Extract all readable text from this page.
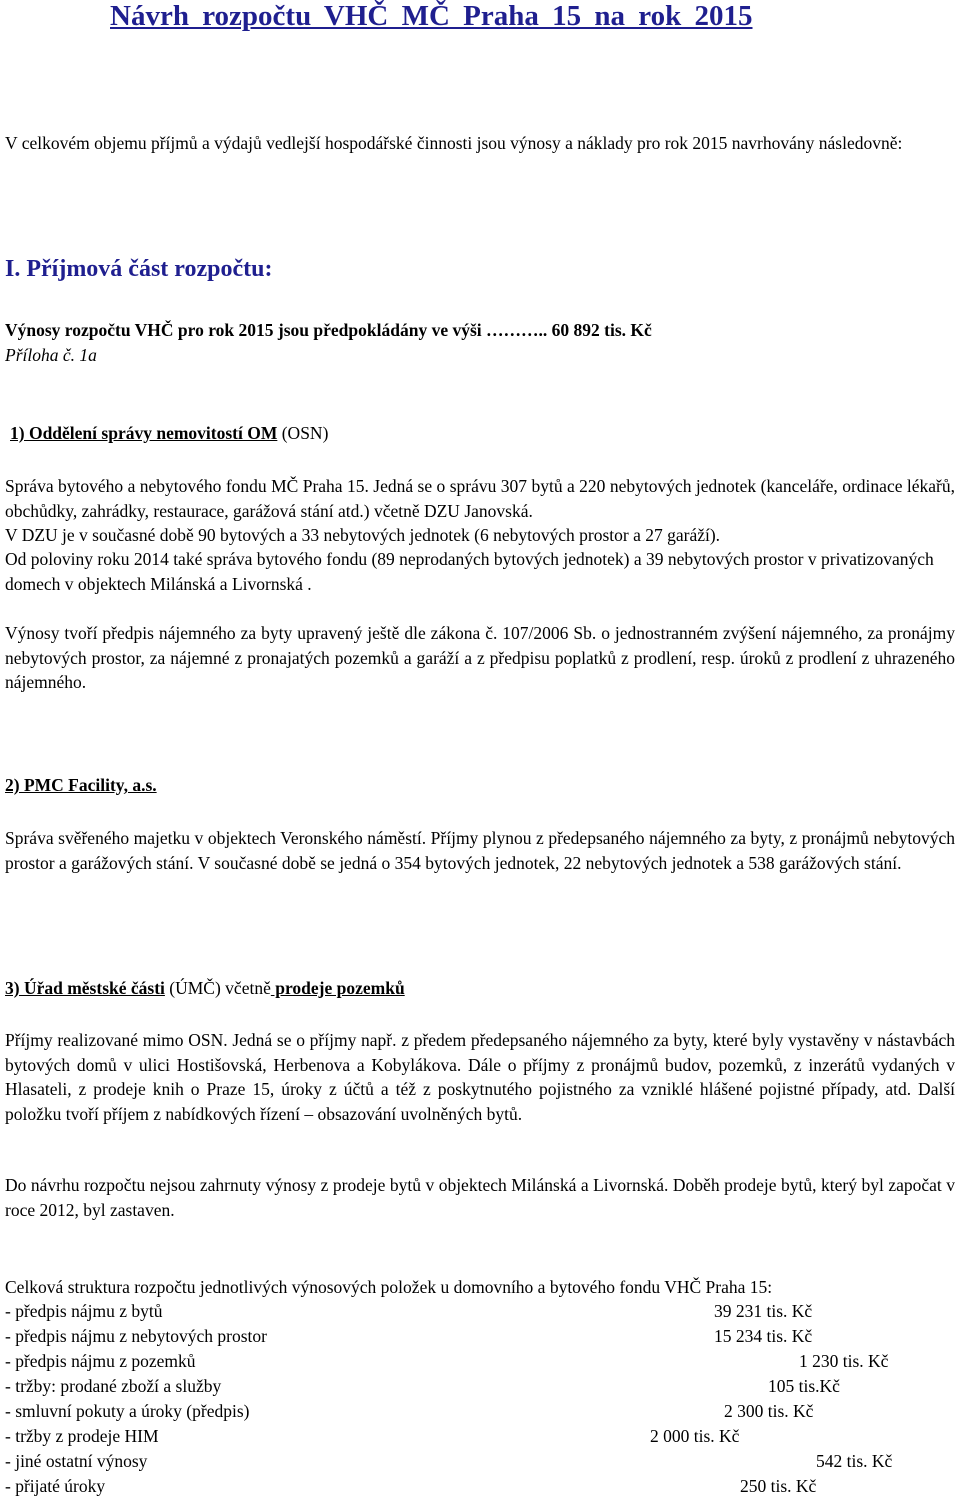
Návrh rozpočtu VHČ MČ Praha 15 na rok 2015

V celkovém objemu příjmů a výdajů vedlejší hospodářské činnosti jsou výnosy a náklady pro rok 2015 navrhovány následovně:

I. Příjmová část rozpočtu:
Výnosy rozpočtu VHČ pro rok 2015 jsou předpokládány ve výši ……….. 60 892 tis. Kč
Příloha č. 1a
1) Oddělení správy nemovitostí OM (OSN)

Správa bytového a nebytového fondu MČ Praha 15. Jedná se o správu 307 bytů a 220 nebytových jednotek (kanceláře, ordinace lékařů, obchůdky, zahrádky, restaurace, garážová stání atd.) včetně DZU Janovská.

V DZU je v současné době 90 bytových a 33 nebytových jednotek (6 nebytových prostor a 27 garáží).

Od poloviny roku 2014 také správa bytového fondu (89 neprodaných bytových jednotek) a 39 nebytových prostor v privatizovaných domech v objektech Milánská a Livornská .

Výnosy tvoří předpis nájemného za byty upravený ještě dle zákona č. 107/2006 Sb. o jednostranném zvýšení nájemného, za pronájmy nebytových prostor, za nájemné z pronajatých pozemků a garáží a z předpisu poplatků z prodlení, resp. úroků z prodlení z uhrazeného nájemného.

2) PMC Facility, a.s.

Správa svěřeného majetku v objektech Veronského náměstí. Příjmy plynou z předepsaného nájemného za byty, z pronájmů nebytových prostor a garážových stání. V současné době se jedná o 354 bytových jednotek, 22 nebytových jednotek a 538 garážových stání.

3) Úřad městské části (ÚMČ) včetně prodeje pozemků

Příjmy realizované mimo OSN. Jedná se o příjmy např. z předem předepsaného nájemného za byty, které byly vystavěny v nástavbách bytových domů v ulici Hostišovská, Herbenova a Kobylákova. Dále o příjmy z pronájmů budov, pozemků, z inzerátů vydaných v Hlasateli, z prodeje knih o Praze 15, úroky z účtů a též z poskytnutého pojistného za vzniklé hlášené pojistné případy, atd. Další položku tvoří příjem z nabídkových řízení – obsazování uvolněných bytů.

Do návrhu rozpočtu nejsou zahrnuty výnosy z prodeje bytů v objektech Milánská a Livornská. Doběh prodeje bytů, který byl započat v roce 2012, byl zastaven.

Celková struktura rozpočtu jednotlivých výnosových položek u domovního a bytového fondu VHČ Praha 15:

- předpis nájmu z bytů	39 231 tis. Kč
- předpis nájmu z nebytových prostor	15 234 tis. Kč
- předpis nájmu z pozemků	1 230 tis. Kč
- tržby: prodané zboží a služby	105 tis.Kč
- smluvní pokuty a úroky (předpis)	2 300 tis. Kč
- tržby z prodeje HIM	2 000 tis. Kč
- jiné ostatní výnosy	542 tis. Kč
- přijaté úroky	250 tis. Kč
